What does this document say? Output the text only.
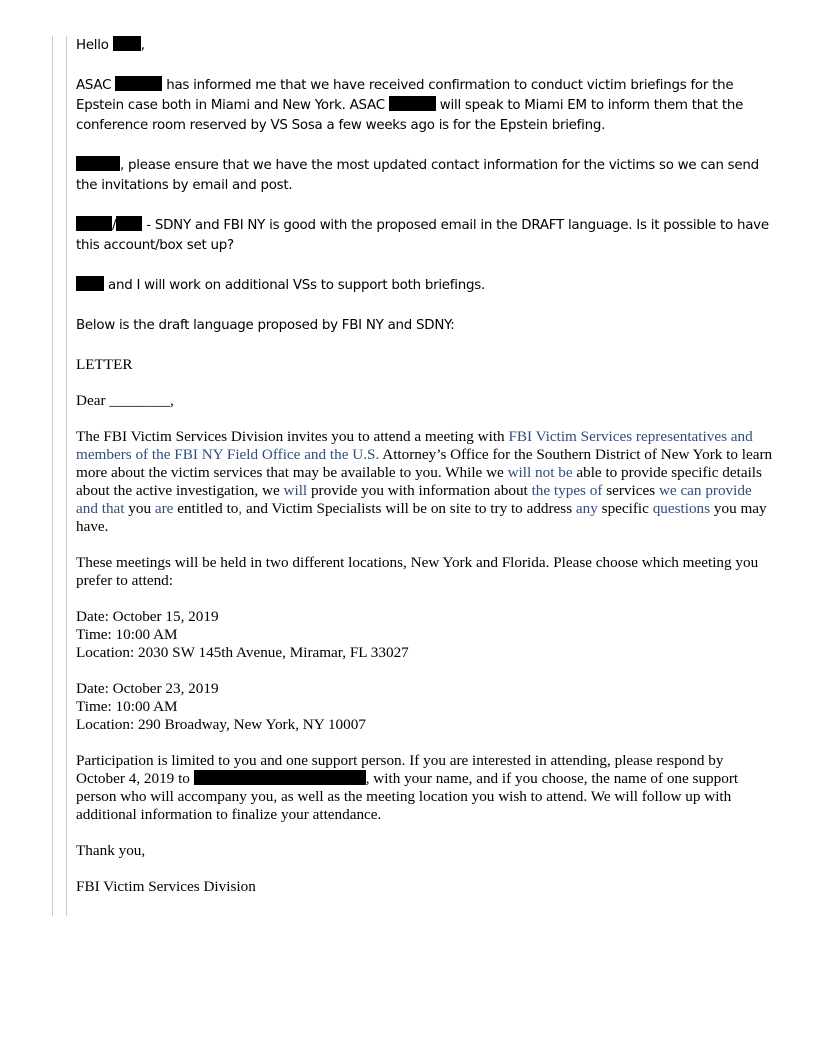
Hello ,

ASAC	has informed me that we have received confirmation to conduct victim briefings for the Epstein case both in Miami and New York. ASAC	will speak to Miami EM to inform them that the conference room reserved by VS Sosa a few weeks ago is for the Epstein briefing.

, please ensure that we have the most updated contact information for the victims so we can send the invitations by email and post.

/ - SDNY and FBI NY is good with the proposed email in the DRAFT language. Is it possible to have this account/box set up?

and I will work on additional VSs to support both briefings.

Below is the draft language proposed by FBI NY and SDNY:

LETTER

Dear ________,

The FBI Victim Services Division invites you to attend a meeting with FBI Victim Services representatives and members of the FBI NY Field Office and the U.S. Attorney’s Office for the Southern District of New York to learn more about the victim services that may be available to you. While we will not be able to provide specific details about the active investigation, we will provide you with information about the types of services we can provide and that you are entitled to, and Victim Specialists will be on site to try to address any specific questions you may have.

These meetings will be held in two different locations, New York and Florida. Please choose which meeting you prefer to attend:

Date: October 15, 2019
Time: 10:00 AM
Location: 2030 SW 145th Avenue, Miramar, FL 33027

Date: October 23, 2019
Time: 10:00 AM
Location: 290 Broadway, New York, NY 10007

Participation is limited to you and one support person. If you are interested in attending, please respond by October 4, 2019 to	, with your name, and if you choose, the name of one support person who will accompany you, as well as the meeting location you wish to attend. We will follow up with additional information to finalize your attendance.

Thank you,

FBI Victim Services Division
